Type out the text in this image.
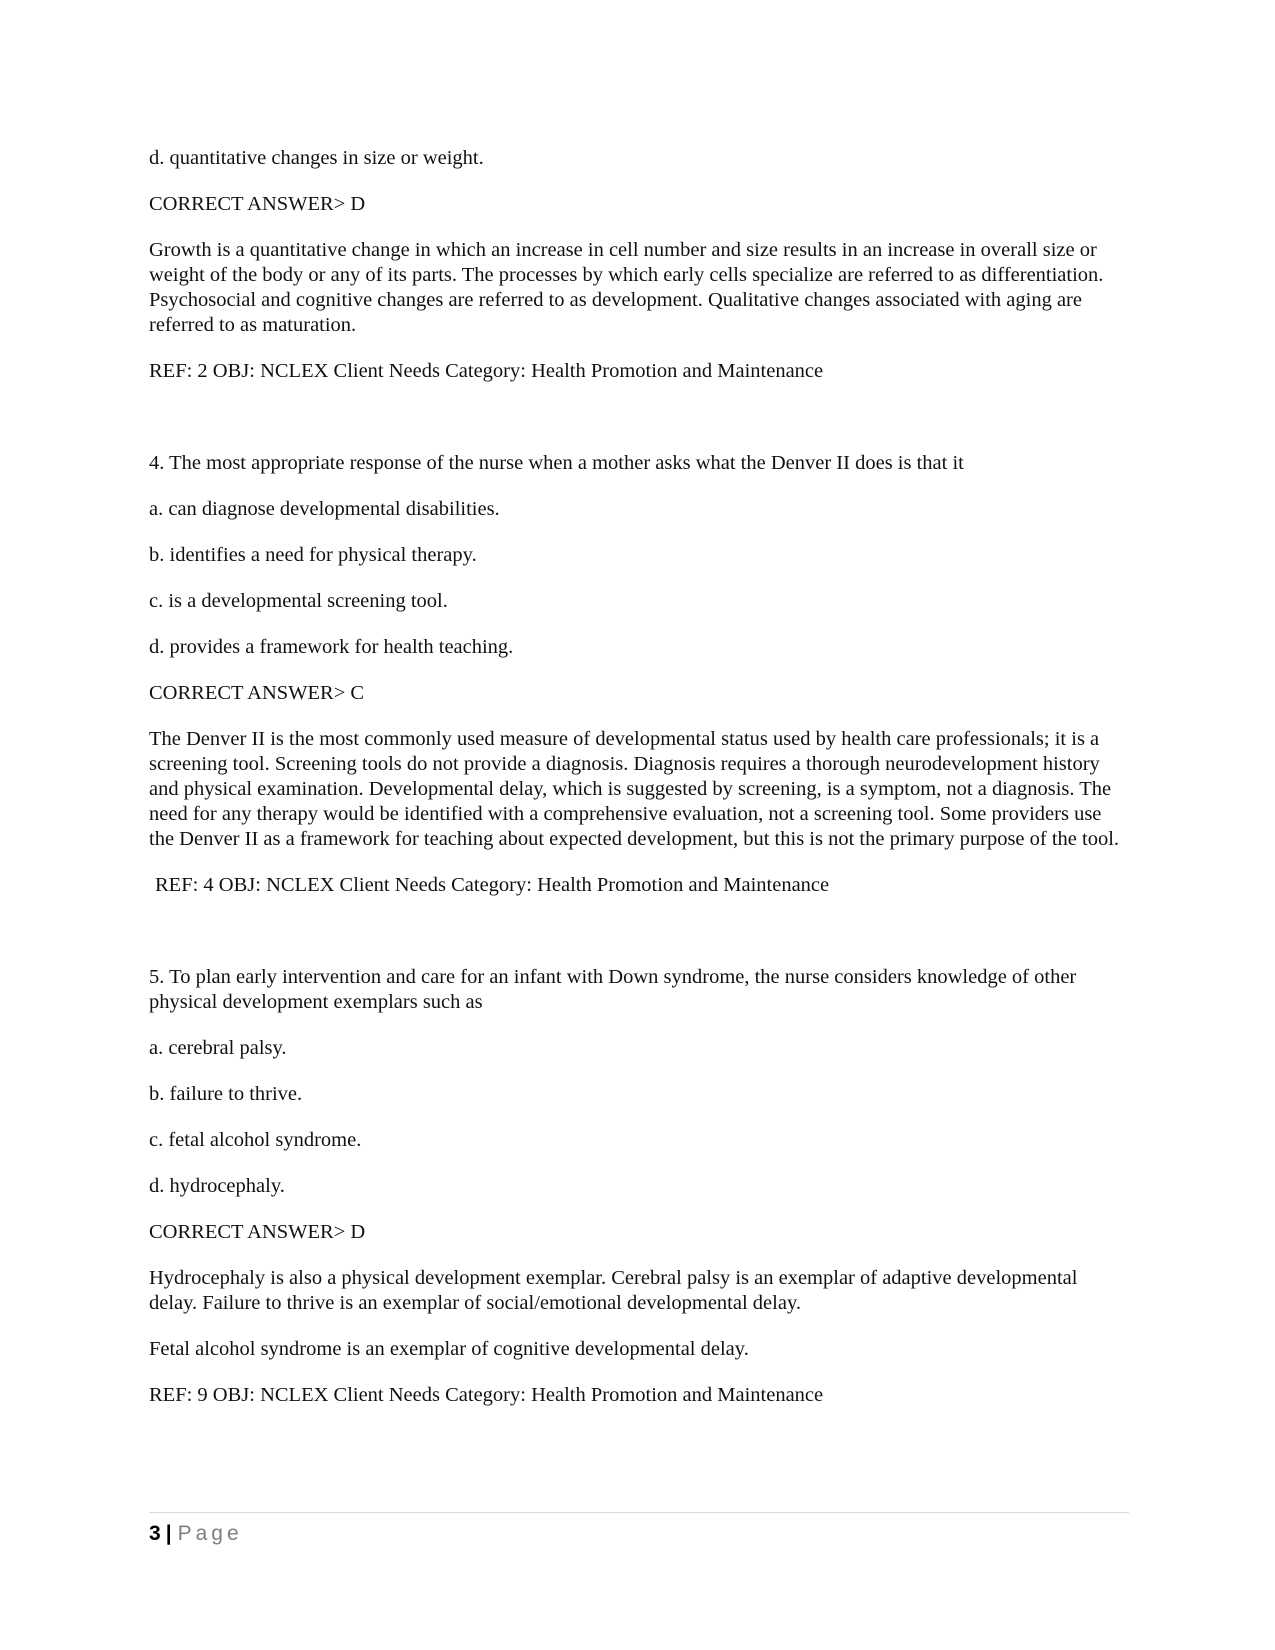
d. quantitative changes in size or weight.

CORRECT ANSWER> D

Growth is a quantitative change in which an increase in cell number and size results in an increase in overall size or weight of the body or any of its parts. The processes by which early cells specialize are referred to as differentiation. Psychosocial and cognitive changes are referred to as development. Qualitative changes associated with aging are referred to as maturation.

REF: 2 OBJ: NCLEX Client Needs Category: Health Promotion and Maintenance

4. The most appropriate response of the nurse when a mother asks what the Denver II does is that it

a. can diagnose developmental disabilities.

b. identifies a need for physical therapy.

c. is a developmental screening tool.

d. provides a framework for health teaching.

CORRECT ANSWER> C

The Denver II is the most commonly used measure of developmental status used by health care professionals; it is a screening tool. Screening tools do not provide a diagnosis. Diagnosis requires a thorough neurodevelopment history and physical examination. Developmental delay, which is suggested by screening, is a symptom, not a diagnosis. The need for any therapy would be identified with a comprehensive evaluation, not a screening tool. Some providers use the Denver II as a framework for teaching about expected development, but this is not the primary purpose of the tool.

REF: 4 OBJ: NCLEX Client Needs Category: Health Promotion and Maintenance

5. To plan early intervention and care for an infant with Down syndrome, the nurse considers knowledge of other physical development exemplars such as

a. cerebral palsy.

b. failure to thrive.

c. fetal alcohol syndrome.

d. hydrocephaly.

CORRECT ANSWER> D

Hydrocephaly is also a physical development exemplar. Cerebral palsy is an exemplar of adaptive developmental delay. Failure to thrive is an exemplar of social/emotional developmental delay.

Fetal alcohol syndrome is an exemplar of cognitive developmental delay.

REF: 9 OBJ: NCLEX Client Needs Category: Health Promotion and Maintenance

3 | Page
